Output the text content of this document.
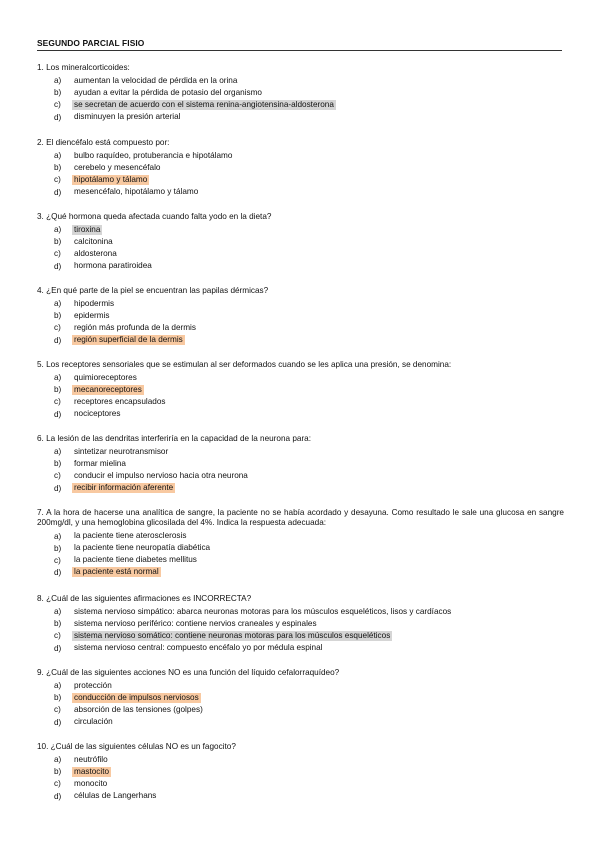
SEGUNDO PARCIAL FISIO
1. Los mineralcorticoides:
a)	aumentan la velocidad de pérdida en la orina
b)	ayudan a evitar la pérdida de potasio del organismo
c)	se secretan de acuerdo con el sistema renina-angiotensina-aldosterona
d)	disminuyen la presión arterial
2. El diencéfalo está compuesto por:
a)	bulbo raquídeo, protuberancia e hipotálamo
b)	cerebelo y mesencéfalo
c)	hipotálamo y tálamo
d)	mesencéfalo, hipotálamo y tálamo
3. ¿Qué hormona queda afectada cuando falta yodo en la dieta?
a)	tiroxina
b)	calcitonina
c)	aldosterona
d)	hormona paratiroidea
4. ¿En qué parte de la piel se encuentran las papilas dérmicas?
a)	hipodermis
b)	epidermis
c)	región más profunda de la dermis
d)	región superficial de la dermis
5. Los receptores sensoriales que se estimulan al ser deformados cuando se les aplica una presión, se denomina:
a)	quimioreceptores
b)	mecanoreceptores
c)	receptores encapsulados
d)	nociceptores
6. La lesión de las dendritas interferiría en la capacidad de la neurona para:
a)	sintetizar neurotransmisor
b)	formar mielina
c)	conducir el impulso nervioso hacia otra neurona
d)	recibir información aferente
7. A la hora de hacerse una analítica de sangre, la paciente no se había acordado y desayuna. Como resultado le sale una glucosa en sangre 200mg/dl, y una hemoglobina glicosilada del 4%. Indica la respuesta adecuada:
a)	la paciente tiene aterosclerosis
b)	la paciente tiene neuropatía diabética
c)	la paciente tiene diabetes mellitus
d)	la paciente está normal
8. ¿Cuál de las siguientes afirmaciones es INCORRECTA?
a)	sistema nervioso simpático: abarca neuronas motoras para los músculos esqueléticos, lisos y cardíacos
b)	sistema nervioso periférico: contiene nervios craneales y espinales
c)	sistema nervioso somático: contiene neuronas motoras para los músculos esqueléticos
d)	sistema nervioso central: compuesto encéfalo yo por médula espinal
9. ¿Cuál de las siguientes acciones NO es una función del líquido cefalorraquídeo?
a)	protección
b)	conducción de impulsos nerviosos
c)	absorción de las tensiones (golpes)
d)	circulación
10. ¿Cuál de las siguientes células NO es un fagocito?
a)	neutrófilo
b)	mastocito
c)	monocito
d)	células de Langerhans
